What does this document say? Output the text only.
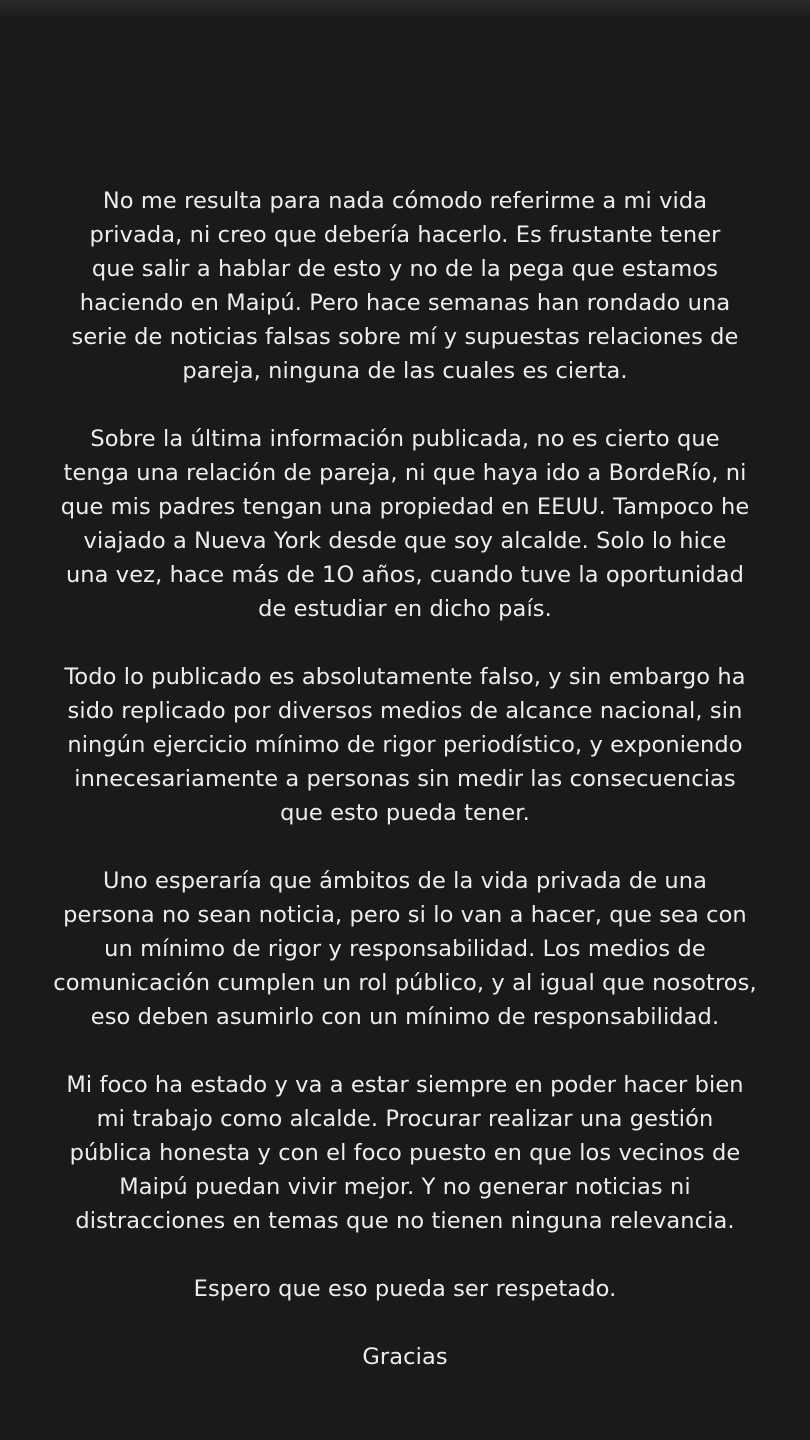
No me resulta para nada cómodo referirme a mi vida
privada, ni creo que debería hacerlo. Es frustante tener
que salir a hablar de esto y no de la pega que estamos
haciendo en Maipú. Pero hace semanas han rondado una
serie de noticias falsas sobre mí y supuestas relaciones de
pareja, ninguna de las cuales es cierta.

Sobre la última información publicada, no es cierto que
tenga una relación de pareja, ni que haya ido a BordeRío, ni
que mis padres tengan una propiedad en EEUU. Tampoco he
viajado a Nueva York desde que soy alcalde. Solo lo hice
una vez, hace más de 1O años, cuando tuve la oportunidad
de estudiar en dicho país.

Todo lo publicado es absolutamente falso, y sin embargo ha
sido replicado por diversos medios de alcance nacional, sin
ningún ejercicio mínimo de rigor periodístico, y exponiendo
innecesariamente a personas sin medir las consecuencias
que esto pueda tener.

Uno esperaría que ámbitos de la vida privada de una
persona no sean noticia, pero si lo van a hacer, que sea con
un mínimo de rigor y responsabilidad. Los medios de
comunicación cumplen un rol público, y al igual que nosotros,
eso deben asumirlo con un mínimo de responsabilidad.

Mi foco ha estado y va a estar siempre en poder hacer bien
mi trabajo como alcalde. Procurar realizar una gestión
pública honesta y con el foco puesto en que los vecinos de
Maipú puedan vivir mejor. Y no generar noticias ni
distracciones en temas que no tienen ninguna relevancia.

Espero que eso pueda ser respetado.

Gracias
